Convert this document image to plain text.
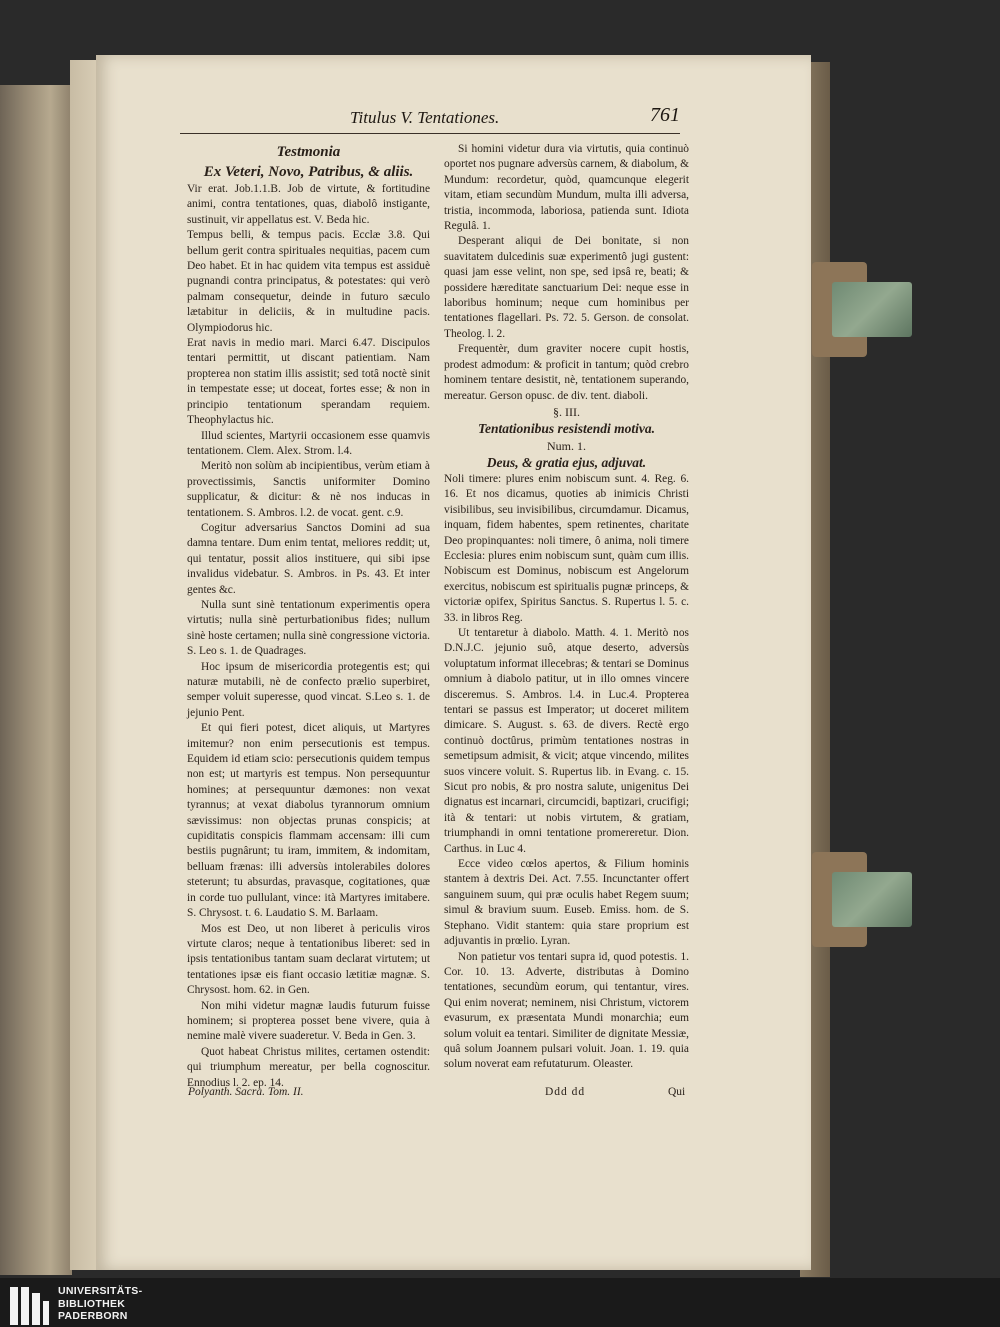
Titulus V. Tentationes.	761

Testmonia

Ex Veteri, Novo, Patribus, & aliis.

Vir erat. Job.1.1.B. Job de virtute, & fortitudine animi, contra tentationes, quas, diabolô instigante, sustinuit, vir appellatus est. V. Beda hic.

Tempus belli, & tempus pacis. Ecclæ 3.8. Qui bellum gerit contra spirituales nequitias, pacem cum Deo habet. Et in hac quidem vita tempus est assiduè pugnandi contra principatus, & potestates: qui verò palmam consequetur, deinde in futuro sæculo lætabitur in deliciis, & in multudine pacis. Olympiodorus hic.

Erat navis in medio mari. Marci 6.47. Discipulos tentari permittit, ut discant patientiam. Nam propterea non statim illis assistit; sed totâ noctè sinit in tempestate esse; ut doceat, fortes esse; & non in principio tentationum sperandam requiem. Theophylactus hic.

Illud scientes, Martyrii occasionem esse quamvis tentationem. Clem. Alex. Strom. l.4.

Meritò non solùm ab incipientibus, verùm etiam à provectissimis, Sanctis uniformiter Domino supplicatur, & dicitur: & nè nos inducas in tentationem. S. Ambros. l.2. de vocat. gent. c.9.

Cogitur adversarius Sanctos Domini ad sua damna tentare. Dum enim tentat, meliores reddit; ut, qui tentatur, possit alios instituere, qui sibi ipse invalidus videbatur. S. Ambros. in Ps. 43. Et inter gentes &c.

Nulla sunt sinè tentationum experimentis opera virtutis; nulla sinè perturbationibus fides; nullum sinè hoste certamen; nulla sinè congressione victoria. S. Leo s. 1. de Quadrages.

Hoc ipsum de misericordia protegentis est; qui naturæ mutabili, nè de confecto prælio superbiret, semper voluit superesse, quod vincat. S.Leo s. 1. de jejunio Pent.

Et qui fieri potest, dicet aliquis, ut Martyres imitemur? non enim persecutionis est tempus. Equidem id etiam scio: persecutionis quidem tempus non est; ut martyris est tempus. Non persequuntur homines; at persequuntur dæmones: non vexat tyrannus; at vexat diabolus tyrannorum omnium sævissimus: non objectas prunas conspicis; at cupiditatis conspicis flammam accensam: illi cum bestiis pugnârunt; tu iram, immitem, & indomitam, belluam frænas: illi adversùs intolerabiles dolores steterunt; tu absurdas, pravasque, cogitationes, quæ in corde tuo pullulant, vince: ità Martyres imitabere. S. Chrysost. t. 6. Laudatio S. M. Barlaam.

Mos est Deo, ut non liberet à periculis viros virtute claros; neque à tentationibus liberet: sed in ipsis tentationibus tantam suam declarat virtutem; ut tentationes ipsæ eis fiant occasio lætitiæ magnæ. S. Chrysost. hom. 62. in Gen.

Non mihi videtur magnæ laudis futurum fuisse hominem; si propterea posset bene vivere, quia à nemine malè vivere suaderetur. V. Beda in Gen. 3.

Quot habeat Christus milites, certamen ostendit: qui triumphum mereatur, per bella cognoscitur. Ennodius l. 2. ep. 14.

Si homini videtur dura via virtutis, quia continuò oportet nos pugnare adversùs carnem, & diabolum, & Mundum: recordetur, quòd, quamcunque elegerit vitam, etiam secundùm Mundum, multa illi adversa, tristia, incommoda, laboriosa, patienda sunt. Idiota Regulâ. 1.

Desperant aliqui de Dei bonitate, si non suavitatem dulcedinis suæ experimentô jugi gustent: quasi jam esse velint, non spe, sed ipsâ re, beati; & possidere hæreditate sanctuarium Dei: neque esse in laboribus hominum; neque cum hominibus per tentationes flagellari. Ps. 72. 5. Gerson. de consolat. Theolog. l. 2.

Frequentèr, dum graviter nocere cupit hostis, prodest admodum: & proficit in tantum; quòd crebro hominem tentare desistit, nè, tentationem superando, mereatur. Gerson opusc. de div. tent. diaboli.

§. III.

Tentationibus resistendi motiva.

Num. 1.

Deus, & gratia ejus, adjuvat.

Noli timere: plures enim nobiscum sunt. 4. Reg. 6. 16. Et nos dicamus, quoties ab inimicis Christi visibilibus, seu invisibilibus, circumdamur. Dicamus, inquam, fidem habentes, spem retinentes, charitate Deo propinquantes: noli timere, ô anima, noli timere Ecclesia: plures enim nobiscum sunt, quàm cum illis. Nobiscum est Dominus, nobiscum est Angelorum exercitus, nobiscum est spiritualis pugnæ princeps, & victoriæ opifex, Spiritus Sanctus. S. Rupertus l. 5. c. 33. in libros Reg.

Ut tentaretur à diabolo. Matth. 4. 1. Meritò nos D.N.J.C. jejunio suô, atque deserto, adversùs voluptatum informat illecebras; & tentari se Dominus omnium à diabolo patitur, ut in illo omnes vincere disceremus. S. Ambros. l.4. in Luc.4. Propterea tentari se passus est Imperator; ut doceret militem dimicare. S. August. s. 63. de divers. Rectè ergo continuò doctûrus, primùm tentationes nostras in semetipsum admisit, & vicit; atque vincendo, milites suos vincere voluit. S. Rupertus lib. in Evang. c. 15. Sicut pro nobis, & pro nostra salute, unigenitus Dei dignatus est incarnari, circumcidi, baptizari, crucifigi; ità & tentari: ut nobis virtutem, & gratiam, triumphandi in omni tentatione promereretur. Dion. Carthus. in Luc 4.

Ecce video cœlos apertos, & Filium hominis stantem à dextris Dei. Act. 7.55. Incunctanter offert sanguinem suum, qui præ oculis habet Regem suum; simul & bravium suum. Euseb. Emiss. hom. de S. Stephano. Vidit stantem: quia stare proprium est adjuvantis in prœlio. Lyran.

Non patietur vos tentari supra id, quod potestis. 1. Cor. 10. 13. Adverte, distributas à Domino tentationes, secundùm eorum, qui tentantur, vires. Qui enim noverat; neminem, nisi Christum, victorem evasurum, ex præsentata Mundi monarchia; eum solum voluit ea tentari. Similiter de dignitate Messiæ, quâ solum Joannem pulsari voluit. Joan. 1. 19. quia solum noverat eam refutaturum. Oleaster.

Polyanth. Sacra. Tom. II.	Ddd dd	Qui
UNIVERSITÄTS-
BIBLIOTHEK
PADERBORN
